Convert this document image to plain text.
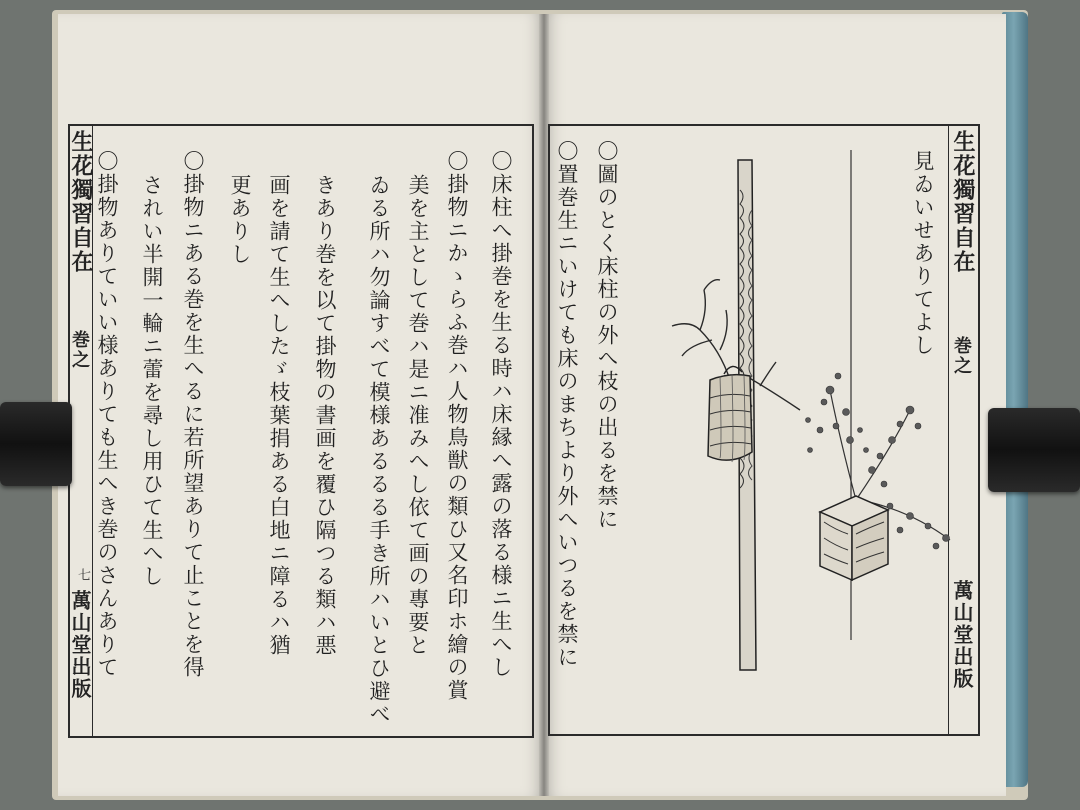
生花獨習自在
巻之
七
萬山堂出版	〇床柱へ掛巻を生る時ハ床縁へ露の落る様ニ生へし
〇掛物ニかゝらふ巻ハ人物鳥獣の類ひ又名印ホ繪の賞
美を主として巻ハ是ニ准みへし依て画の專要と
ゐる所ハ勿論すべて模様あるるる手き所ハいとひ避べ
きあり巻を以て掛物の書画を覆ひ隔つる類ハ悪
画を請て生へしたゞ枝葉捐ある白地ニ障るハ猶
更ありし
〇掛物ニある巻を生へるに若所望ありて止ことを得
されい半開一輪ニ蕾を尋し用ひて生へし
〇掛物ありていい様ありても生へき巻のさんありて	生花獨習自在
巻之
萬山堂出版
見ゐいせありてよし
〇圖のとく床柱の外へ枝の出るを禁に
〇置巻生ニいけても床のまちより外へいつるを禁に
